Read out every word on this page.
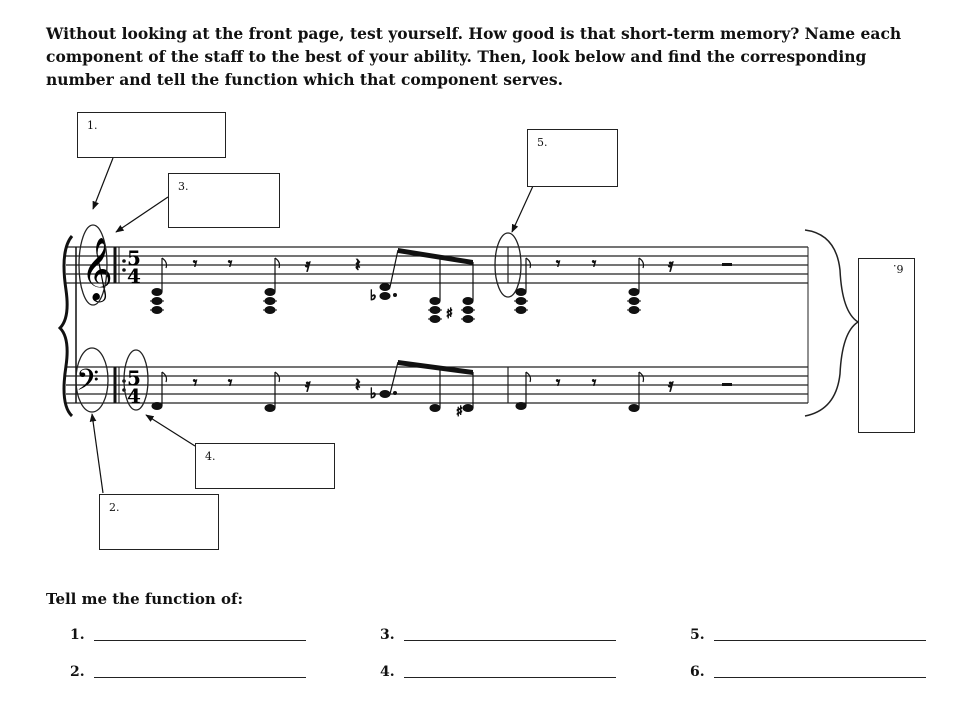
Without looking at the front page, test yourself. How good is that short-term memory? Name each component of the staff to the best of your ability. Then, look below and find the corresponding number and tell the function which that component serves.

𝄞
𝄢
5
4
5
4
𝄾 𝄾	𝄿 𝄽
♭
♯
𝄾 𝄾	𝄿
𝄾 𝄾	𝄿 𝄽 ♭
♯
𝄾 𝄾	𝄿
1.
2.
3.
4.
5.
6.
Tell me the function of:
1.	3.	5.
2.	4.	6.
